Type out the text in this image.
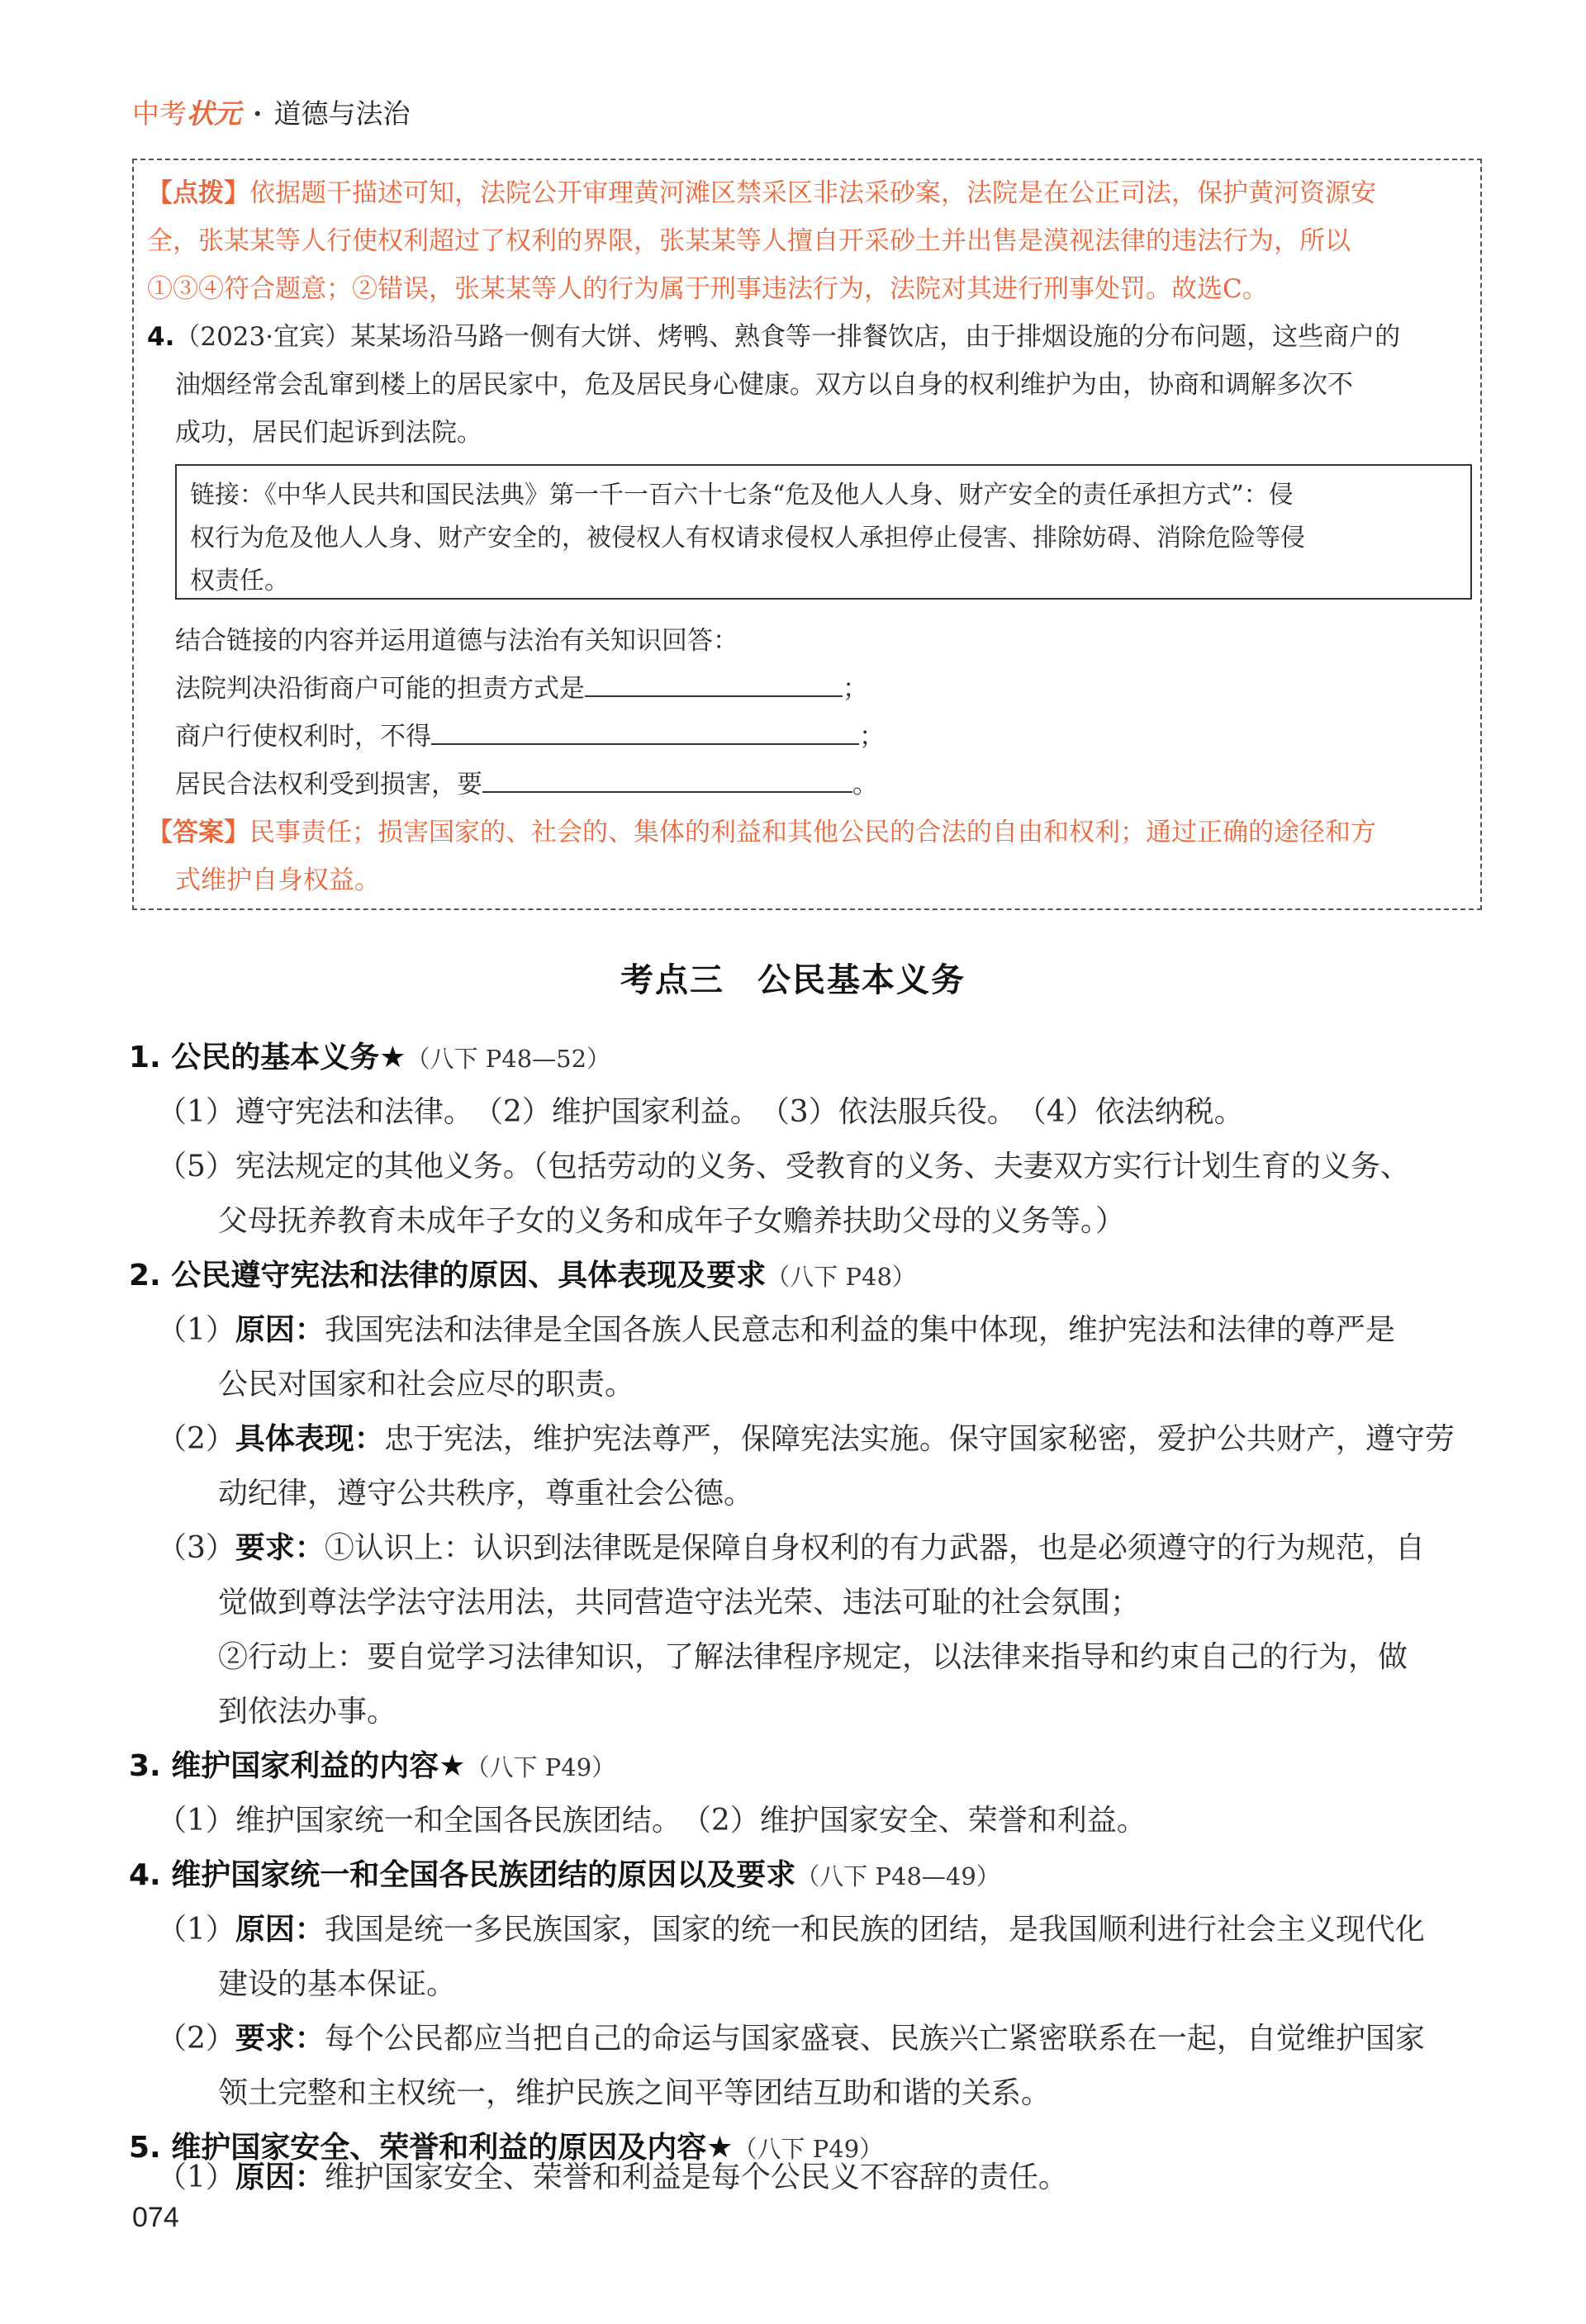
中考 状元 · 道德与法治
【点拨】依据题干描述可知，法院公开审理黄河滩区禁采区非法采砂案，法院是在公正司法，保护黄河资源安
全，张某某等人行使权利超过了权利的界限，张某某等人擅自开采砂土并出售是漠视法律的违法行为，所以
①③④符合题意；②错误，张某某等人的行为属于刑事违法行为，法院对其进行刑事处罚。故选C。
4.（2023·宜宾）某某场沿马路一侧有大饼、烤鸭、熟食等一排餐饮店，由于排烟设施的分布问题，这些商户的
油烟经常会乱窜到楼上的居民家中，危及居民身心健康。双方以自身的权利维护为由，协商和调解多次不
成功，居民们起诉到法院。
链接：《中华人民共和国民法典》第一千一百六十七条“危及他人人身、财产安全的责任承担方式”：侵
权行为危及他人人身、财产安全的，被侵权人有权请求侵权人承担停止侵害、排除妨碍、消除危险等侵
权责任。
结合链接的内容并运用道德与法治有关知识回答：
法院判决沿街商户可能的担责方式是	；
商户行使权利时，不得	；
居民合法权利受到损害，要	。
【答案】民事责任；损害国家的、社会的、集体的利益和其他公民的合法的自由和权利；通过正确的途径和方
式维护自身权益。
考点三 公民基本义务
1. 公民的基本义务★（八下 P48—52）
（1）遵守宪法和法律。　（2）维护国家利益。　（3）依法服兵役。　（4）依法纳税。
（5）宪法规定的其他义务。（包括劳动的义务、受教育的义务、夫妻双方实行计划生育的义务、
父母抚养教育未成年子女的义务和成年子女赡养扶助父母的义务等。）
2. 公民遵守宪法和法律的原因、具体表现及要求（八下 P48）
（1）原因：我国宪法和法律是全国各族人民意志和利益的集中体现，维护宪法和法律的尊严是
公民对国家和社会应尽的职责。
（2）具体表现：忠于宪法，维护宪法尊严，保障宪法实施。保守国家秘密，爱护公共财产，遵守劳
动纪律，遵守公共秩序，尊重社会公德。
（3）要求：①认识上：认识到法律既是保障自身权利的有力武器，也是必须遵守的行为规范，自
觉做到尊法学法守法用法，共同营造守法光荣、违法可耻的社会氛围；
②行动上：要自觉学习法律知识，了解法律程序规定，以法律来指导和约束自己的行为，做
到依法办事。
3. 维护国家利益的内容★（八下 P49）
（1）维护国家统一和全国各民族团结。　（2）维护国家安全、荣誉和利益。
4. 维护国家统一和全国各民族团结的原因以及要求（八下 P48—49）
（1）原因：我国是统一多民族国家，国家的统一和民族的团结，是我国顺利进行社会主义现代化
建设的基本保证。
（2）要求：每个公民都应当把自己的命运与国家盛衰、民族兴亡紧密联系在一起，自觉维护国家
领土完整和主权统一，维护民族之间平等团结互助和谐的关系。
5. 维护国家安全、荣誉和利益的原因及内容★（八下 P49）
（1）原因：维护国家安全、荣誉和利益是每个公民义不容辞的责任。
074
